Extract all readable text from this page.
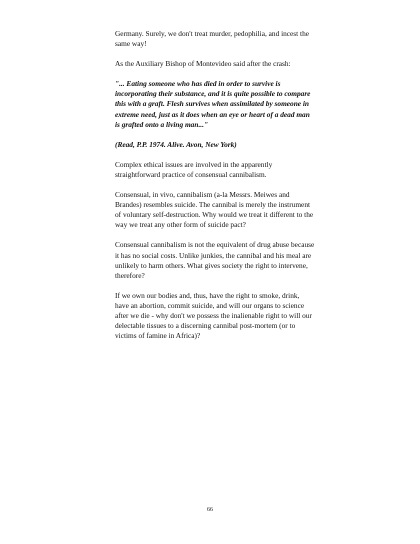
Germany. Surely, we don't treat murder, pedophilia, and incest the same way!

As the Auxiliary Bishop of Montevideo said after the crash:

"... Eating someone who has died in order to survive is incorporating their substance, and it is quite possible to compare this with a graft. Flesh survives when assimilated by someone in extreme need, just as it does when an eye or heart of a dead man is grafted onto a living man..."

(Read, P.P. 1974. Alive. Avon, New York)

Complex ethical issues are involved in the apparently straightforward practice of consensual cannibalism.

Consensual, in vivo, cannibalism (a-la Messrs. Meiwes and Brandes) resembles suicide. The cannibal is merely the instrument of voluntary self-destruction. Why would we treat it different to the way we treat any other form of suicide pact?

Consensual cannibalism is not the equivalent of drug abuse because it has no social costs. Unlike junkies, the cannibal and his meal are unlikely to harm others. What gives society the right to intervene, therefore?

If we own our bodies and, thus, have the right to smoke, drink, have an abortion, commit suicide, and will our organs to science after we die - why don't we possess the inalienable right to will our delectable tissues to a discerning cannibal post-mortem (or to victims of famine in Africa)?

66
